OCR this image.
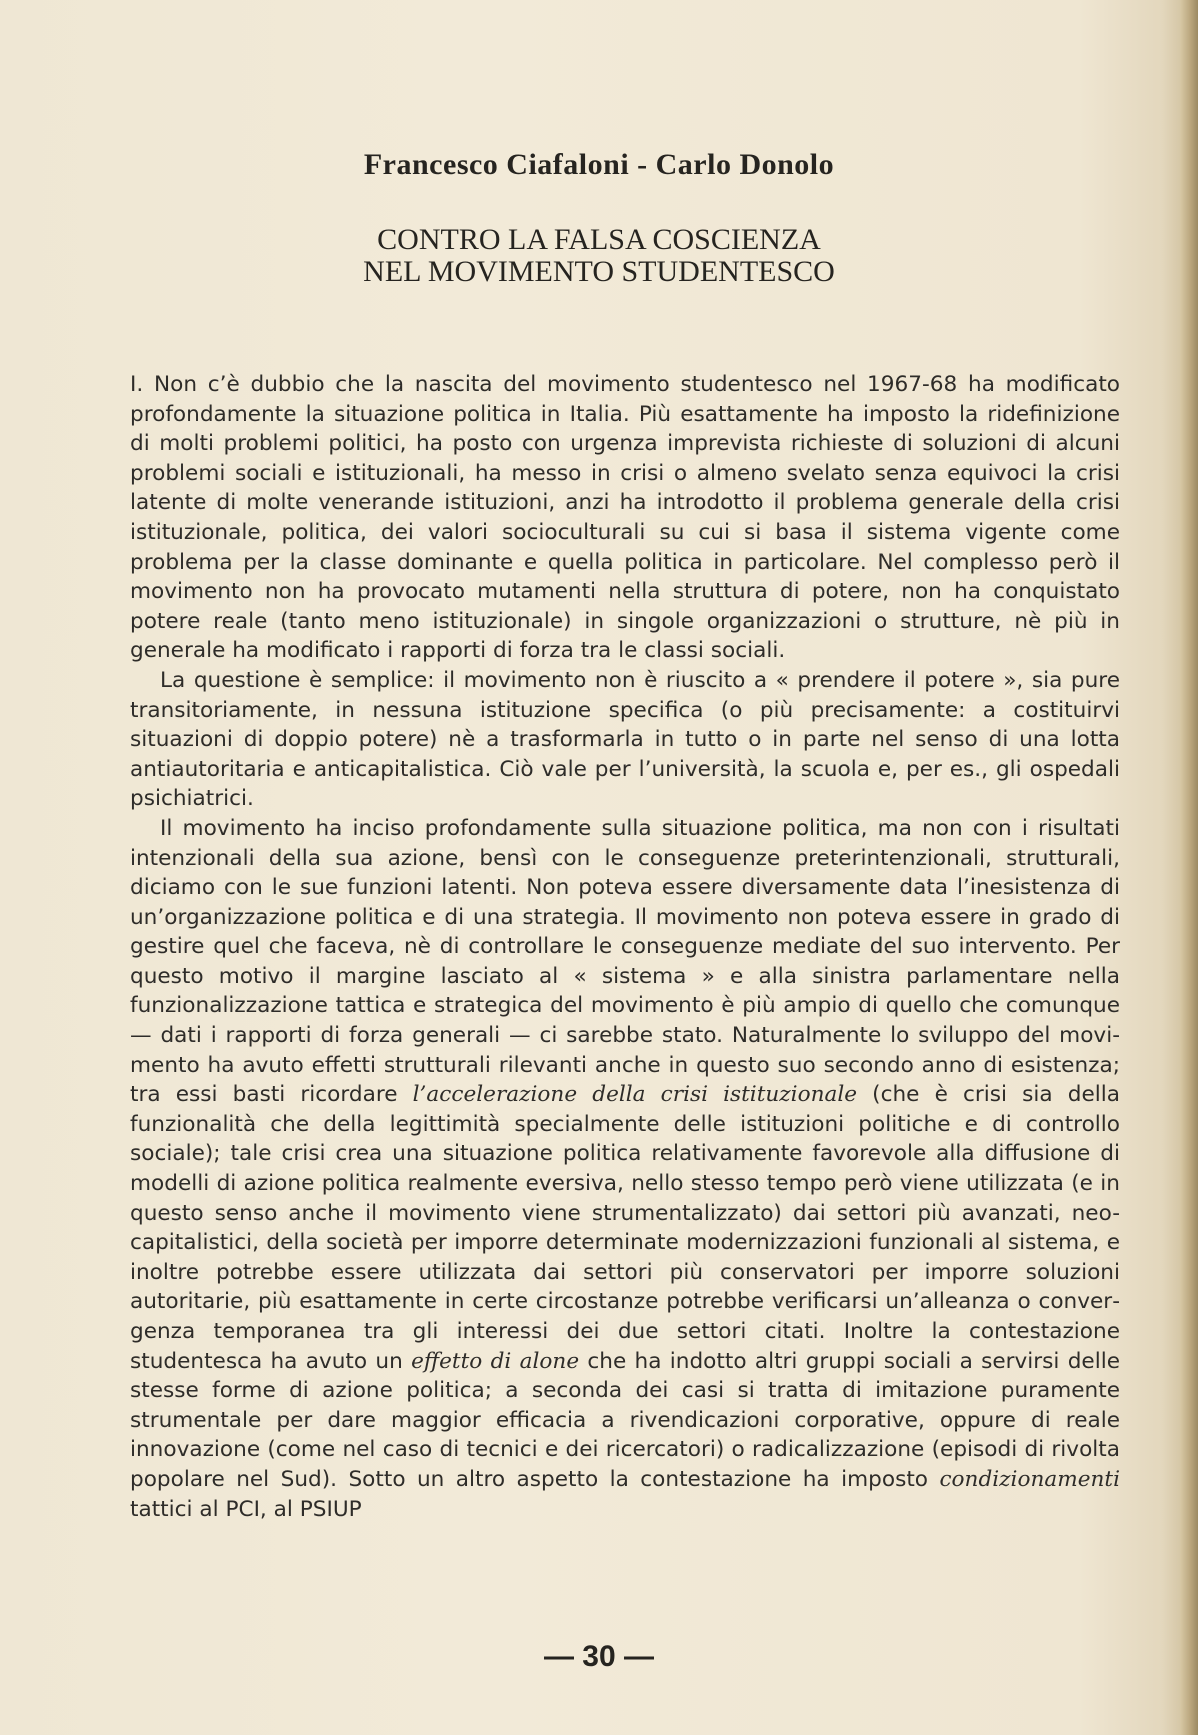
Francesco Ciafaloni - Carlo Donolo
CONTRO LA FALSA COSCIENZA
NEL MOVIMENTO STUDENTESCO

I. Non c’è dubbio che la nascita del movimento studentesco nel 1967-68 ha modificato profondamente la situazione politica in Italia. Più esattamente ha imposto la ridefinizione di molti problemi politici, ha posto con urgenza imprevista richieste di soluzioni di alcuni problemi sociali e istituzionali, ha messo in crisi o almeno svelato senza equivoci la crisi latente di molte venerande istituzioni, anzi ha introdotto il problema generale della crisi istituzionale, politica, dei valori socioculturali su cui si basa il sistema vigente come problema per la classe dominante e quella politica in particolare. Nel complesso però il movimento non ha provocato mutamenti nella struttura di potere, non ha conquistato potere reale (tanto meno istituzionale) in singole organizzazioni o strutture, nè più in generale ha modificato i rapporti di forza tra le classi sociali.

La questione è semplice: il movimento non è riuscito a « prendere il potere », sia pure transitoriamente, in nessuna istituzione specifica (o più precisamente: a costituirvi situazioni di doppio potere) nè a trasformarla in tutto o in parte nel senso di una lotta antiautoritaria e anticapitalistica. Ciò vale per l’università, la scuola e, per es., gli ospedali psichiatrici.

Il movimento ha inciso profondamente sulla situazione politica, ma non con i risultati intenzionali della sua azione, bensì con le conseguenze preterintenzionali, strutturali, diciamo con le sue funzioni latenti. Non poteva essere diversamente data l’inesistenza di un’organizzazione politica e di una strategia. Il movimento non poteva essere in grado di gestire quel che faceva, nè di controllare le conseguenze mediate del suo intervento. Per questo motivo il margine lasciato al « sistema » e alla sinistra parlamentare nella funzionalizzazione tattica e strategica del movimento è più ampio di quello che comunque — dati i rapporti di forza generali — ci sarebbe stato. Naturalmente lo sviluppo del movimento ha avuto effetti strutturali rilevanti anche in questo suo secondo anno di esistenza; tra essi basti ricordare l’accelerazione della crisi istituzionale (che è crisi sia della funzionalità che della legittimità specialmente delle istituzioni politiche e di controllo sociale); tale crisi crea una situazione politica relativamente favorevole alla diffusione di modelli di azione politica realmente eversiva, nello stesso tempo però viene utilizzata (e in questo senso anche il movimento viene strumentalizzato) dai settori più avanzati, neo-capitalistici, della società per imporre determinate modernizzazioni funzionali al sistema, e inoltre potrebbe essere utilizzata dai settori più conservatori per imporre soluzioni autoritarie, più esattamente in certe circostanze potrebbe verificarsi un’alleanza o convergenza temporanea tra gli interessi dei due settori citati. Inoltre la contestazione studentesca ha avuto un effetto di alone che ha indotto altri gruppi sociali a servirsi delle stesse forme di azione politica; a seconda dei casi si tratta di imitazione puramente strumentale per dare maggior efficacia a rivendicazioni corporative, oppure di reale innovazione (come nel caso di tecnici e dei ricercatori) o radicalizzazione (episodi di rivolta popolare nel Sud). Sotto un altro aspetto la contestazione ha imposto condizionamenti tattici al PCI, al PSIUP

— 30 —
